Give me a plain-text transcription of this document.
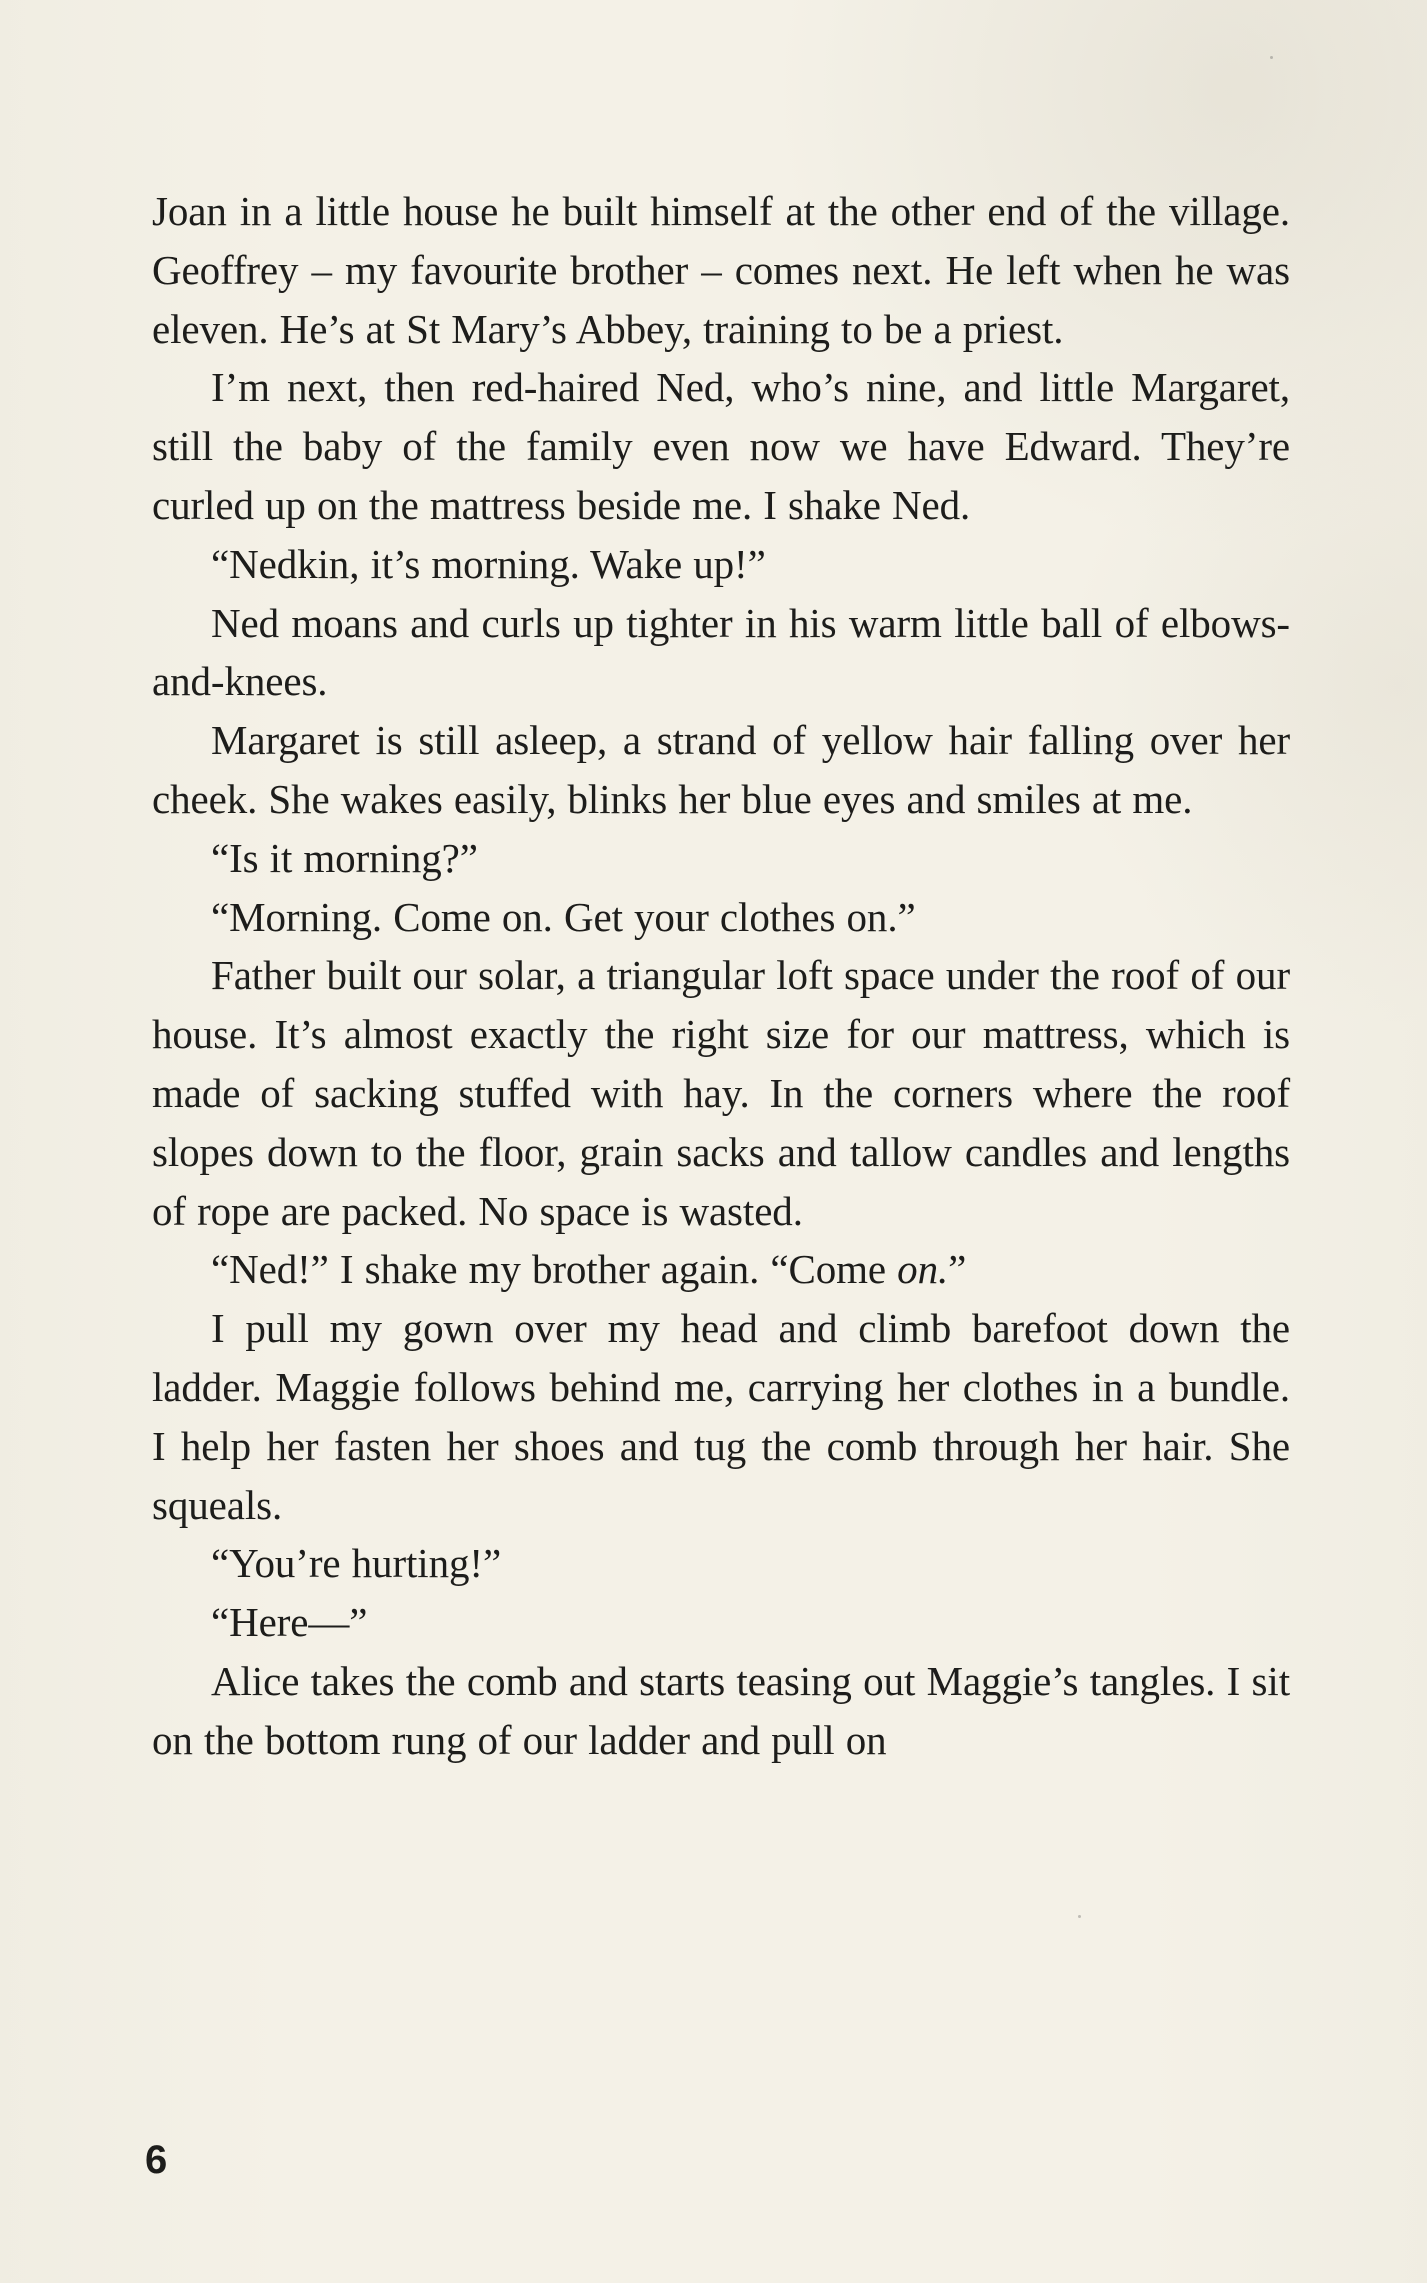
Joan in a little house he built himself at the other end of the village. Geoffrey – my favourite brother – comes next. He left when he was eleven. He’s at St Mary’s Abbey, training to be a priest.

I’m next, then red-haired Ned, who’s nine, and little Margaret, still the baby of the family even now we have Edward. They’re curled up on the mattress beside me. I shake Ned.

“Nedkin, it’s morning. Wake up!”

Ned moans and curls up tighter in his warm little ball of elbows-and-knees.

Margaret is still asleep, a strand of yellow hair falling over her cheek. She wakes easily, blinks her blue eyes and smiles at me.

“Is it morning?”

“Morning. Come on. Get your clothes on.”

Father built our solar, a triangular loft space under the roof of our house. It’s almost exactly the right size for our mattress, which is made of sacking stuffed with hay. In the corners where the roof slopes down to the floor, grain sacks and tallow candles and lengths of rope are packed. No space is wasted.

“Ned!” I shake my brother again. “Come on.”

I pull my gown over my head and climb barefoot down the ladder. Maggie follows behind me, carrying her clothes in a bundle. I help her fasten her shoes and tug the comb through her hair. She squeals.

“You’re hurting!”

“Here—”

Alice takes the comb and starts teasing out Maggie’s tangles. I sit on the bottom rung of our ladder and pull on

6
